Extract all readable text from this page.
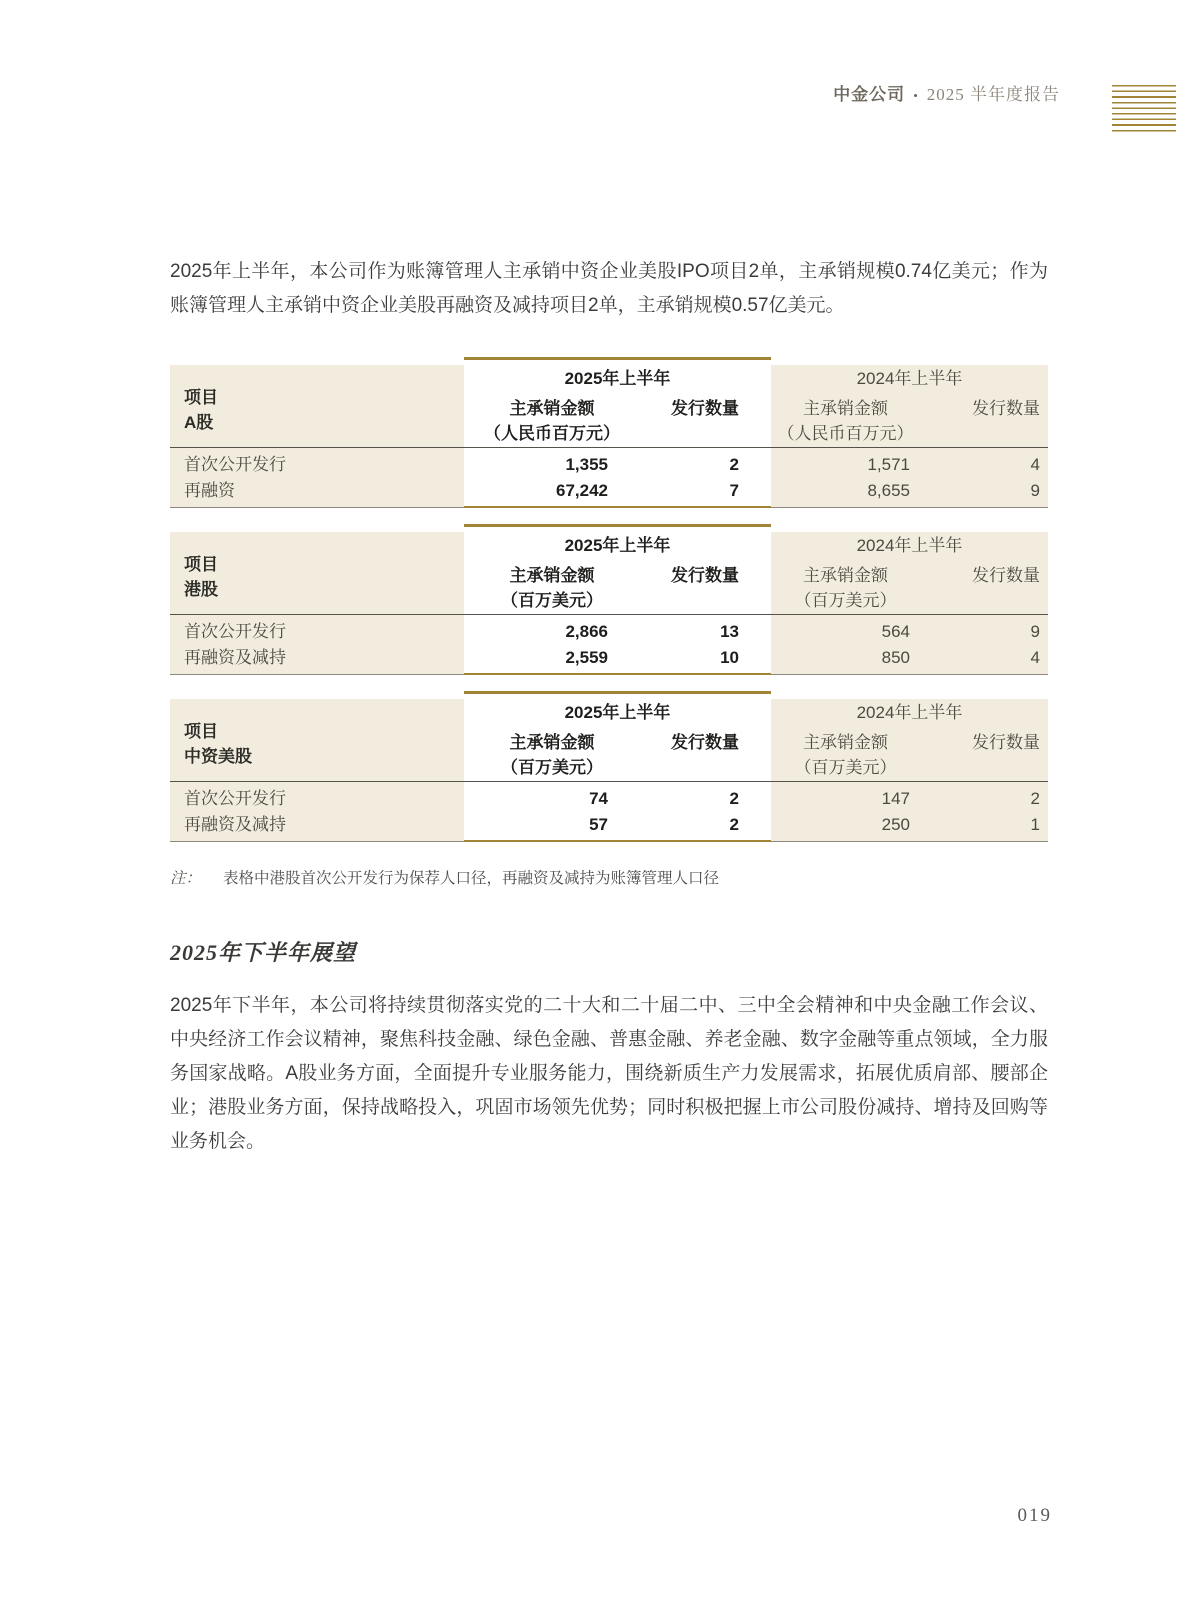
中金公司 • 2025 半年度报告

2025年上半年，本公司作为账簿管理人主承销中资企业美股IPO项目2单，主承销规模0.74亿美元；作为账簿管理人主承销中资企业美股再融资及减持项目2单，主承销规模0.57亿美元。

项目
A股
2025年上半年
主承销金额	发行数量
（人民币百万元）
2024年上半年
主承销金额	发行数量
（人民币百万元）
首次公开发行	1,355	2	1,571	4
再融资	67,242	7	8,655	9
项目
港股
2025年上半年
主承销金额	发行数量
（百万美元）
2024年上半年
主承销金额	发行数量
（百万美元）
首次公开发行	2,866	13	564	9
再融资及减持	2,559	10	850	4
项目
中资美股
2025年上半年
主承销金额	发行数量
（百万美元）
2024年上半年
主承销金额	发行数量
（百万美元）
首次公开发行	74	2	147	2
再融资及减持	57	2	250	1

注： 表格中港股首次公开发行为保荐人口径，再融资及减持为账簿管理人口径

2025年下半年展望

2025年下半年，本公司将持续贯彻落实党的二十大和二十届二中、三中全会精神和中央金融工作会议、中央经济工作会议精神，聚焦科技金融、绿色金融、普惠金融、养老金融、数字金融等重点领域，全力服务国家战略。A股业务方面，全面提升专业服务能力，围绕新质生产力发展需求，拓展优质肩部、腰部企业；港股业务方面，保持战略投入，巩固市场领先优势；同时积极把握上市公司股份减持、增持及回购等业务机会。

019
